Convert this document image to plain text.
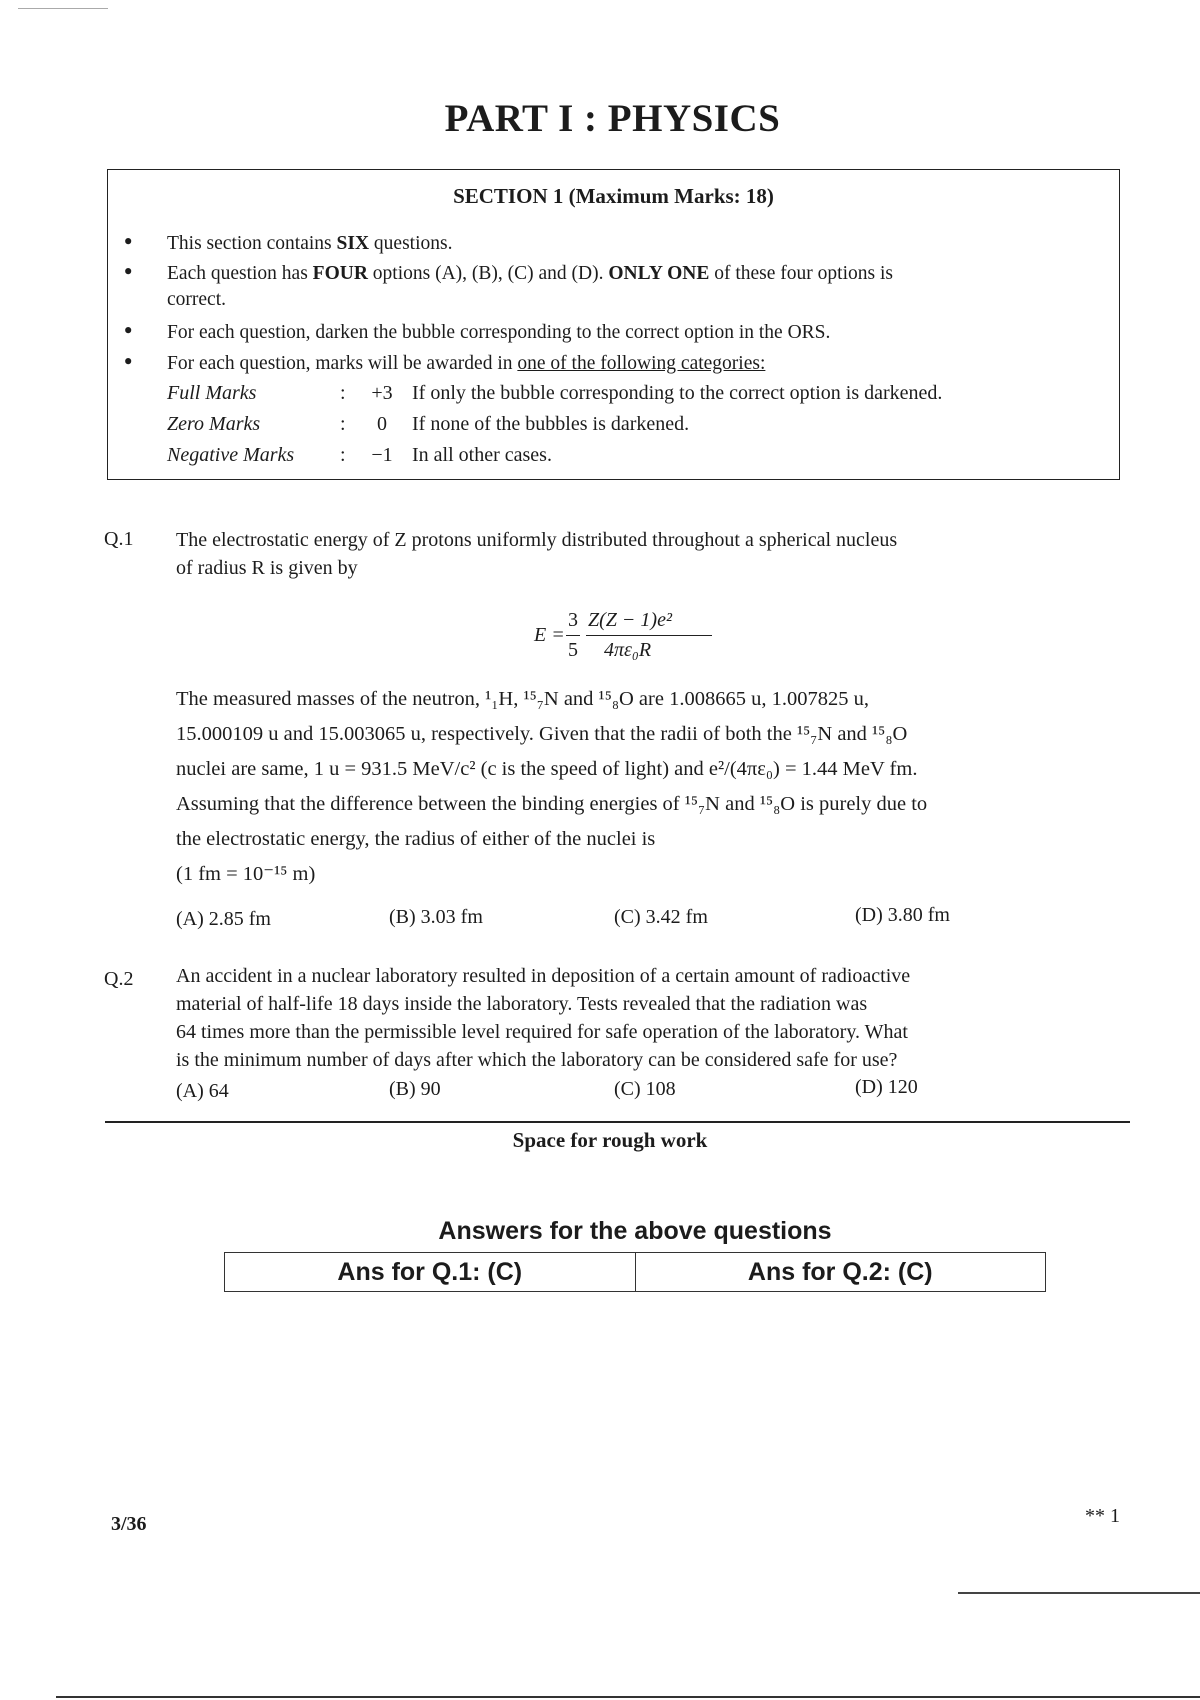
PART I : PHYSICS
SECTION 1 (Maximum Marks: 18)
• This section contains SIX questions.
• Each question has FOUR options (A), (B), (C) and (D). ONLY ONE of these four options is
correct.
• For each question, darken the bubble corresponding to the correct option in the ORS.
• For each question, marks will be awarded in one of the following categories:
Full Marks	:	+3 If only the bubble corresponding to the correct option is darkened.
Zero Marks	:	0	If none of the bubbles is darkened.
Negative Marks :	−1 In all other cases.
Q.1 The electrostatic energy of Z protons uniformly distributed throughout a spherical nucleus
of radius R is given by
E =
3
5
Z(Z − 1)e²
4πε₀R
The measured masses of the neutron, ¹₁H, ¹⁵₇N and ¹⁵₈O are 1.008665 u, 1.007825 u,
15.000109 u and 15.003065 u, respectively. Given that the radii of both the ¹⁵₇N and ¹⁵₈O
nuclei are same, 1 u = 931.5 MeV/c² (c is the speed of light) and e²/(4πε₀) = 1.44 MeV fm.
Assuming that the difference between the binding energies of ¹⁵₇N and ¹⁵₈O is purely due to
the electrostatic energy, the radius of either of the nuclei is
(1 fm = 10⁻¹⁵ m)
(A) 2.85 fm	(B) 3.03 fm	(C) 3.42 fm	(D) 3.80 fm
Q.2 An accident in a nuclear laboratory resulted in deposition of a certain amount of radioactive
material of half-life 18 days inside the laboratory. Tests revealed that the radiation was
64 times more than the permissible level required for safe operation of the laboratory. What
is the minimum number of days after which the laboratory can be considered safe for use?
(A) 64	(B) 90	(C) 108	(D) 120
Space for rough work
Answers for the above questions
Ans for Q.1: (C)	Ans for Q.2: (C)
3/36	** 1
